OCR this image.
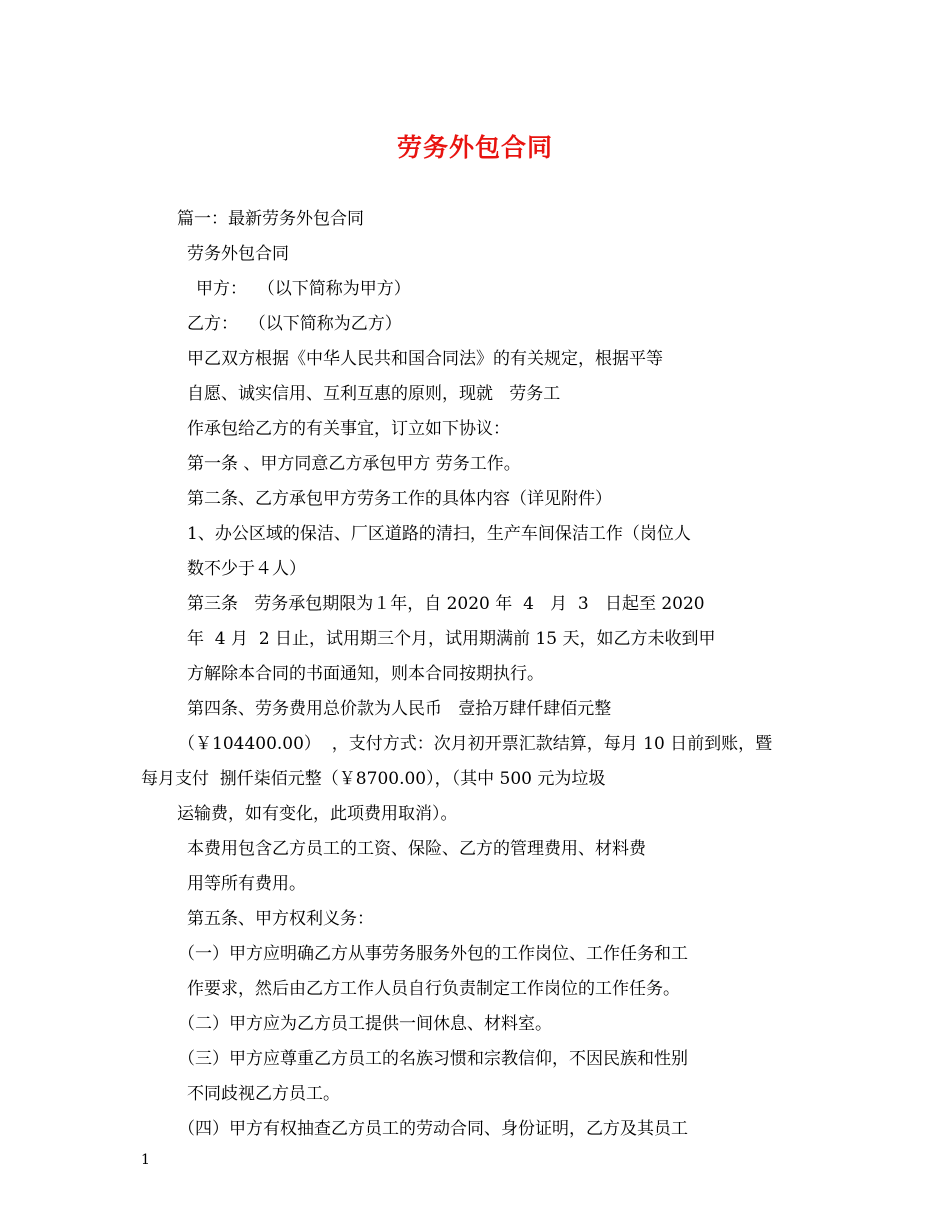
劳务外包合同
篇一：最新劳务外包合同
劳务外包合同
甲方：  （以下简称为甲方）
乙方：  （以下简称为乙方）
甲乙双方根据《中华人民共和国合同法》的有关规定，根据平等
自愿、诚实信用、互利互惠的原则，现就   劳务工
作承包给乙方的有关事宜，订立如下协议：
第一条 、甲方同意乙方承包甲方 劳务工作。
第二条、乙方承包甲方劳务工作的具体内容（详见附件）
1、办公区域的保洁、厂区道路的清扫，生产车间保洁工作（岗位人
数不少于４人）
第三条   劳务承包期限为１年，自 2020 年  4   月  3   日起至 2020
年  4 月  2 日止，试用期三个月，试用期满前 15 天，如乙方未收到甲
方解除本合同的书面通知，则本合同按期执行。
第四条、劳务费用总价款为人民币   壹拾万肆仟肆佰元整
（￥104400.00）  ，支付方式：次月初开票汇款结算，每月 10 日前到账，暨
每月支付  捌仟柒佰元整（￥8700.00），（其中 500 元为垃圾
运输费，如有变化，此项费用取消）。
本费用包含乙方员工的工资、保险、乙方的管理费用、材料费
用等所有费用。
第五条、甲方权利义务：
（一）甲方应明确乙方从事劳务服务外包的工作岗位、工作任务和工
作要求，然后由乙方工作人员自行负责制定工作岗位的工作任务。
（二）甲方应为乙方员工提供一间休息、材料室。
（三）甲方应尊重乙方员工的名族习惯和宗教信仰，不因民族和性别
不同歧视乙方员工。
（四）甲方有权抽查乙方员工的劳动合同、身份证明，乙方及其员工
1
